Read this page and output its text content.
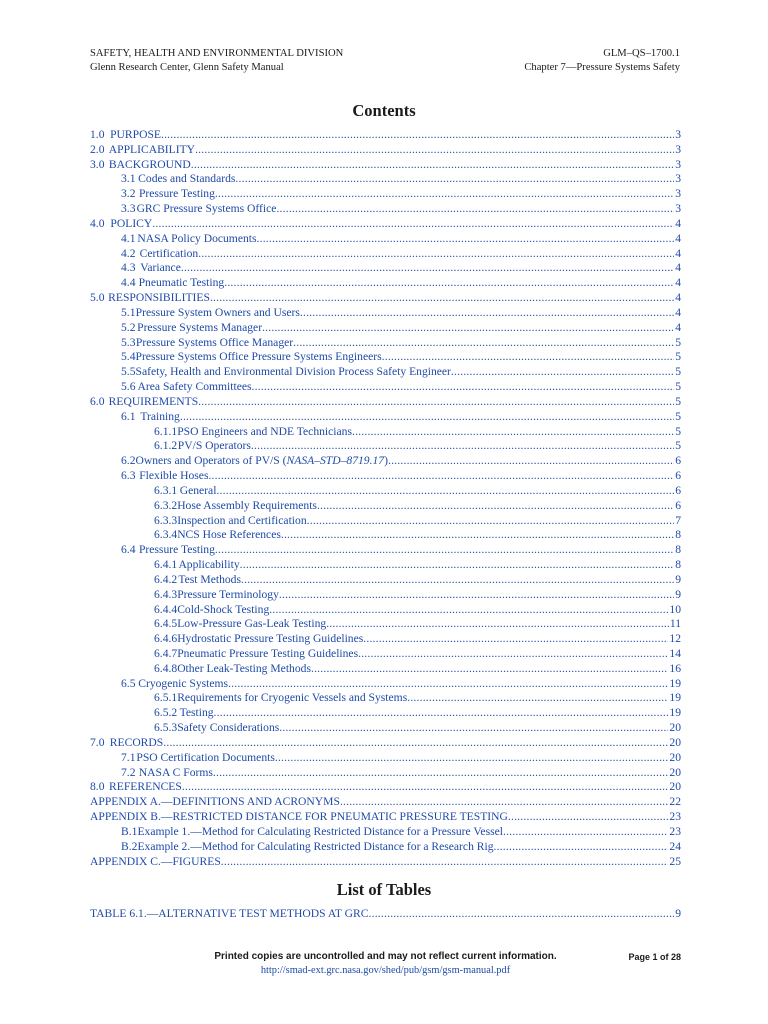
SAFETY, HEALTH AND ENVIRONMENTAL DIVISION
Glenn Research Center, Glenn Safety Manual
GLM–QS–1700.1
Chapter 7—Pressure Systems Safety
Contents
1.0 PURPOSE .....	3
2.0 APPLICABILITY .....	3
3.0 BACKGROUND .....	3
3.1 Codes and Standards .....	3
3.2 Pressure Testing .....	3
3.3 GRC Pressure Systems Office .....	3
4.0 POLICY .....	4
4.1 NASA Policy Documents .....	4
4.2 Certification .....	4
4.3 Variance .....	4
4.4 Pneumatic Testing .....	4
5.0 RESPONSIBILITIES .....	4
5.1 Pressure System Owners and Users .....	4
5.2 Pressure Systems Manager .....	4
5.3 Pressure Systems Office Manager .....	5
5.4 Pressure Systems Office Pressure Systems Engineers .....	5
5.5 Safety, Health and Environmental Division Process Safety Engineer .....	5
5.6 Area Safety Committees .....	5
6.0 REQUIREMENTS .....	5
6.1 Training .....	5
6.1.1 PSO Engineers and NDE Technicians .....	5
6.1.2 PV/S Operators .....	5
6.2 Owners and Operators of PV/S (NASA–STD–8719.17) .....	6
6.3 Flexible Hoses .....	6
6.3.1 General .....	6
6.3.2 Hose Assembly Requirements .....	6
6.3.3 Inspection and Certification .....	7
6.3.4 NCS Hose References .....	8
6.4 Pressure Testing .....	8
6.4.1 Applicability .....	8
6.4.2 Test Methods .....	9
6.4.3 Pressure Terminology .....	9
6.4.4 Cold-Shock Testing .....	10
6.4.5 Low-Pressure Gas-Leak Testing .....	11
6.4.6 Hydrostatic Pressure Testing Guidelines .....	12
6.4.7 Pneumatic Pressure Testing Guidelines .....	14
6.4.8 Other Leak-Testing Methods .....	16
6.5 Cryogenic Systems .....	19
6.5.1 Requirements for Cryogenic Vessels and Systems .....	19
6.5.2 Testing .....	19
6.5.3 Safety Considerations .....	20
7.0 RECORDS .....	20
7.1 PSO Certification Documents .....	20
7.2 NASA C Forms .....	20
8.0 REFERENCES .....	20
APPENDIX A.—DEFINITIONS AND ACRONYMS .....	22
APPENDIX B.—RESTRICTED DISTANCE FOR PNEUMATIC PRESSURE TESTING .....	23
B.1 Example 1.—Method for Calculating Restricted Distance for a Pressure Vessel .....	23
B.2 Example 2.—Method for Calculating Restricted Distance for a Research Rig .....	24
APPENDIX C.—FIGURES .....	25
List of Tables
TABLE 6.1.—ALTERNATIVE TEST METHODS AT GRC .....	9
Printed copies are uncontrolled and may not reflect current information.	Page 1 of 28
http://smad-ext.grc.nasa.gov/shed/pub/gsm/gsm-manual.pdf
